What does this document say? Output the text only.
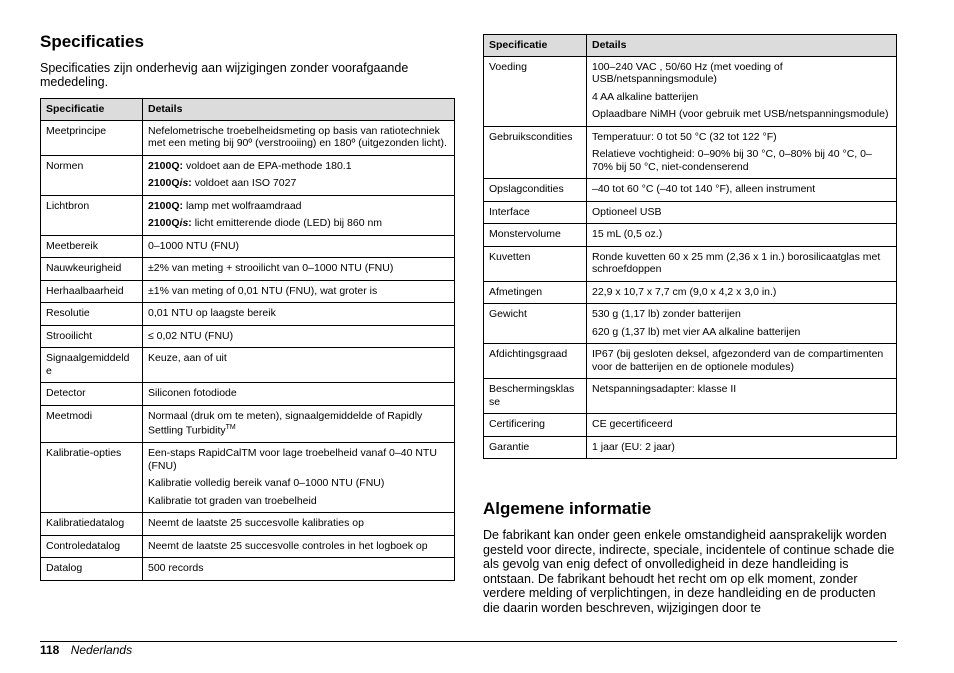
Specificaties
Specificaties zijn onderhevig aan wijzigingen zonder voorafgaande mededeling.
Specificatie	Details
Meetprincipe	Nefelometrische troebelheidsmeting op basis van ratiotechniek met een meting bij 90º (verstrooiing) en 180º (uitgezonden licht).

Normen	2100Q: voldoet aan de EPA-methode 180.1
2100Qis: voldoet aan ISO 7027

Lichtbron	2100Q: lamp met wolfraamdraad
2100Qis: licht emitterende diode (LED) bij 860 nm

Meetbereik	0–1000 NTU (FNU)

Nauwkeurigheid	±2% van meting + strooilicht van 0–1000 NTU (FNU)

Herhaalbaarheid	±1% van meting of 0,01 NTU (FNU), wat groter is

Resolutie	0,01 NTU op laagste bereik

Strooilicht	≤ 0,02 NTU (FNU)

Signaalgemiddeld e	Keuze, aan of uit

Detector	Siliconen fotodiode

Meetmodi	Normaal (druk om te meten), signaalgemiddelde of Rapidly Settling Turbidity™

Kalibratie-opties	Een-staps RapidCalTM voor lage troebelheid vanaf 0–40 NTU (FNU)
Kalibratie volledig bereik vanaf 0–1000 NTU (FNU)
Kalibratie tot graden van troebelheid

Kalibratiedatalog	Neemt de laatste 25 succesvolle kalibraties op

Controledatalog	Neemt de laatste 25 succesvolle controles in het logboek op

Datalog	500 records
Specificatie	Details
Voeding	100–240 VAC , 50/60 Hz (met voeding of USB/netspanningsmodule)
4 AA alkaline batterijen
Oplaadbare NiMH (voor gebruik met USB/netspanningsmodule)

Gebruikscondities	Temperatuur: 0 tot 50 °C (32 tot 122 °F)
Relatieve vochtigheid: 0–90% bij 30 °C, 0–80% bij 40 °C, 0–70% bij 50 °C, niet-condenserend

Opslagcondities	–40 tot 60 °C (–40 tot 140 °F), alleen instrument

Interface	Optioneel USB

Monstervolume	15 mL (0,5 oz.)

Kuvetten	Ronde kuvetten 60 x 25 mm (2,36 x 1 in.) borosilicaatglas met schroefdoppen

Afmetingen	22,9 x 10,7 x 7,7 cm (9,0 x 4,2 x 3,0 in.)

Gewicht	530 g (1,17 lb) zonder batterijen
620 g (1,37 lb) met vier AA alkaline batterijen

Afdichtingsgraad	IP67 (bij gesloten deksel, afgezonderd van de compartimenten voor de batterijen en de optionele modules)

Beschermingsklas se	Netspanningsadapter: klasse II

Certificering	CE gecertificeerd

Garantie	1 jaar (EU: 2 jaar)
Algemene informatie
De fabrikant kan onder geen enkele omstandigheid aansprakelijk worden gesteld voor directe, indirecte, speciale, incidentele of continue schade die als gevolg van enig defect of onvolledigheid in deze handleiding is ontstaan. De fabrikant behoudt het recht om op elk moment, zonder verdere melding of verplichtingen, in deze handleiding en de producten die daarin worden beschreven, wijzigingen door te
118 Nederlands
